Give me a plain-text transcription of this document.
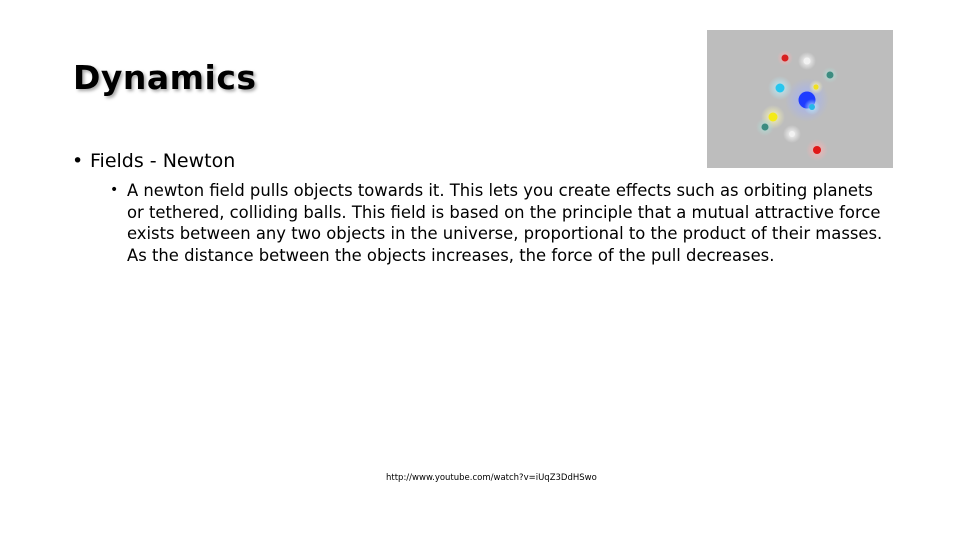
Dynamics
• Fields - Newton
• A newton field pulls objects towards it. This lets you create effects such as orbiting planets or tethered, colliding balls. This field is based on the principle that a mutual attractive force exists between any two objects in the universe, proportional to the product of their masses. As the distance between the objects increases, the force of the pull decreases.
http://www.youtube.com/watch?v=iUqZ3DdHSwo
